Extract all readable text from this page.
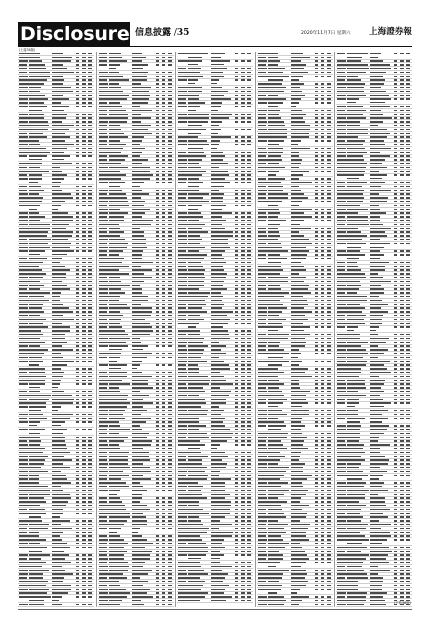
Disclosure 信息披露 /35	2020年11月7日 星期六 上海證券報
(上接34版)
(下转36版)
